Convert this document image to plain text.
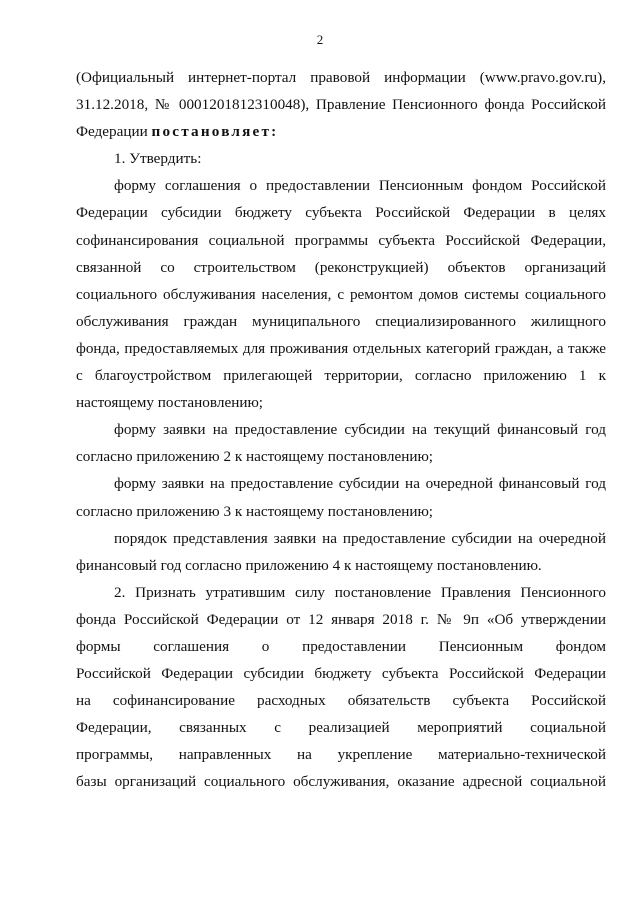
2
(Официальный интернет-портал правовой информации (www.pravo.gov.ru),
31.12.2018, № 0001201812310048), Правление Пенсионного фонда Российской
Федерации постановляет:
1. Утвердить:
форму соглашения о предоставлении Пенсионным фондом Российской
Федерации субсидии бюджету субъекта Российской Федерации в целях
софинансирования социальной программы субъекта Российской Федерации,
связанной со строительством (реконструкцией) объектов организаций
социального обслуживания населения, с ремонтом домов системы социального
обслуживания граждан муниципального специализированного жилищного
фонда, предоставляемых для проживания отдельных категорий граждан, а также
с благоустройством прилегающей территории, согласно приложению 1 к
настоящему постановлению;
форму заявки на предоставление субсидии на текущий финансовый год
согласно приложению 2 к настоящему постановлению;
форму заявки на предоставление субсидии на очередной финансовый год
согласно приложению 3 к настоящему постановлению;
порядок представления заявки на предоставление субсидии на очередной
финансовый год согласно приложению 4 к настоящему постановлению.
2. Признать утратившим силу постановление Правления Пенсионного
фонда Российской Федерации от 12 января 2018 г. № 9п «Об утверждении
формы соглашения о предоставлении Пенсионным фондом
Российской Федерации субсидии бюджету субъекта Российской Федерации
на софинансирование расходных обязательств субъекта Российской
Федерации, связанных с реализацией мероприятий социальной
программы, направленных на укрепление материально-технической
базы организаций социального обслуживания, оказание адресной социальной
